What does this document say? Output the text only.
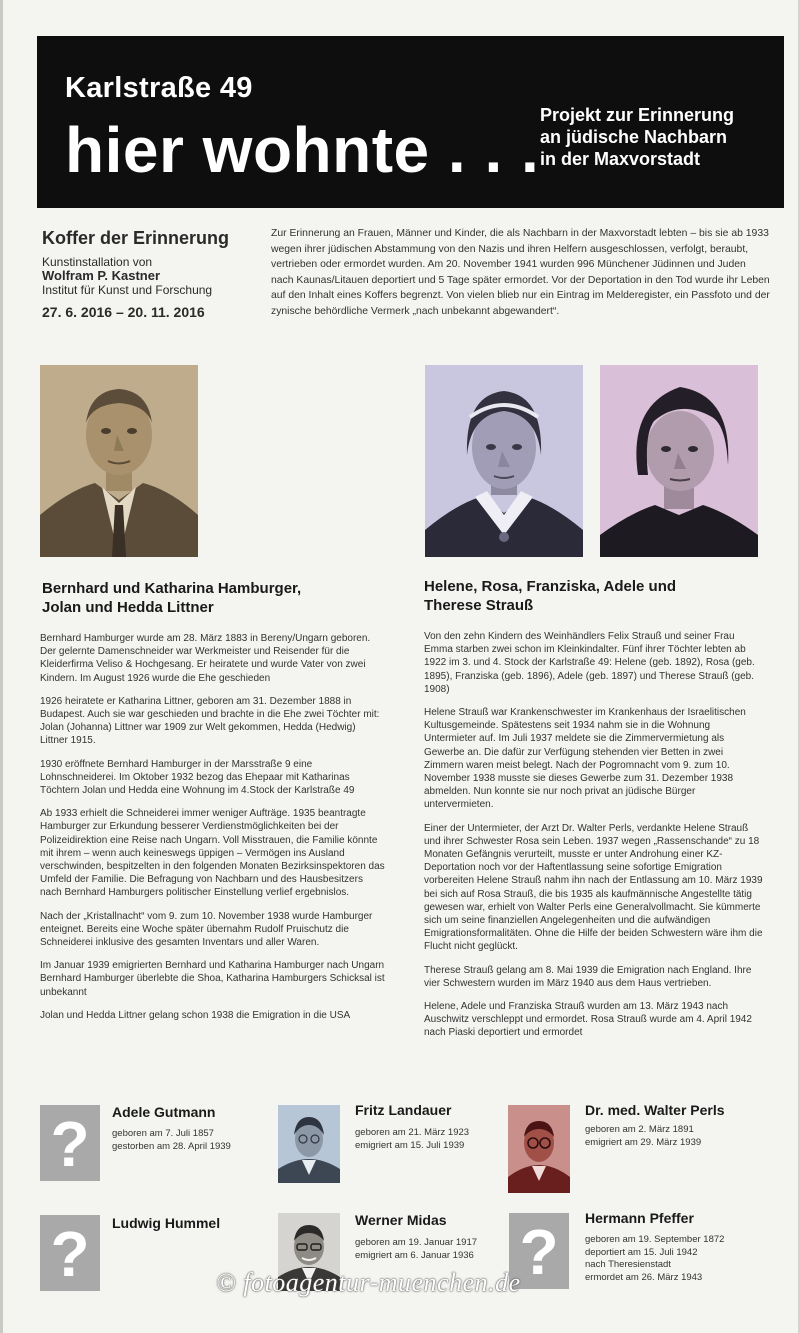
Karlstraße 49
hier wohnte . . . Projekt zur Erinnerung
an jüdische Nachbarn
in der Maxvorstadt
Koffer der Erinnerung
Kunstinstallation von
Wolfram P. Kastner
Institut für Kunst und Forschung
27. 6. 2016 – 20. 11. 2016
Zur Erinnerung an Frauen, Männer und Kinder, die als Nachbarn in der Maxvorstadt lebten – bis sie ab 1933 wegen ihrer jüdischen Abstammung von den Nazis und ihren Helfern ausgeschlossen, verfolgt, beraubt, vertrieben oder ermordet wurden. Am 20. November 1941 wurden 996 Münchener Jüdinnen und Juden nach Kaunas/Litauen deportiert und 5 Tage später ermordet. Vor der Deportation in den Tod wurde ihr Leben auf den Inhalt eines Koffers begrenzt. Von vielen blieb nur ein Eintrag im Melderegister, ein Passfoto und der zynische behördliche Vermerk „nach unbekannt abgewandert“.
Bernhard und Katharina Hamburger,
Jolan und Hedda Littner
Helene, Rosa, Franziska, Adele und
Therese Strauß

Bernhard Hamburger wurde am 28. März 1883 in Bereny/Ungarn geboren. Der gelernte Damenschneider war Werkmeister und Reisender für die Kleiderfirma Veliso & Hochgesang. Er heiratete und wurde Vater von zwei Kindern. Im August 1926 wurde die Ehe geschieden

1926 heiratete er Katharina Littner, geboren am 31. Dezember 1888 in Budapest. Auch sie war geschieden und brachte in die Ehe zwei Töchter mit: Jolan (Johanna) Littner war 1909 zur Welt gekommen, Hedda (Hedwig) Littner 1915.

1930 eröffnete Bernhard Hamburger in der Marsstraße 9 eine Lohnschneiderei. Im Oktober 1932 bezog das Ehepaar mit Katharinas Töchtern Jolan und Hedda eine Wohnung im 4.Stock der Karlstraße 49

Ab 1933 erhielt die Schneiderei immer weniger Aufträge. 1935 beantragte Hamburger zur Erkundung besserer Verdienstmöglichkeiten bei der Polizeidirektion eine Reise nach Ungarn. Voll Misstrauen, die Familie könnte mit ihrem – wenn auch keineswegs üppigen – Vermögen ins Ausland verschwinden, bespitzelten in den folgenden Monaten Bezirksinspektoren das Umfeld der Familie. Die Befragung von Nachbarn und des Hausbesitzers nach Bernhard Hamburgers politischer Einstellung verlief ergebnislos.

Nach der „Kristallnacht“ vom 9. zum 10. November 1938 wurde Hamburger enteignet. Bereits eine Woche später übernahm Rudolf Pruischutz die Schneiderei inklusive des gesamten Inventars und aller Waren.

Im Januar 1939 emigrierten Bernhard und Katharina Hamburger nach Ungarn Bernhard Hamburger überlebte die Shoa, Katharina Hamburgers Schicksal ist unbekannt

Jolan und Hedda Littner gelang schon 1938 die Emigration in die USA

Von den zehn Kindern des Weinhändlers Felix Strauß und seiner Frau Emma starben zwei schon im Kleinkindalter. Fünf ihrer Töchter lebten ab 1922 im 3. und 4. Stock der Karlstraße 49: Helene (geb. 1892), Rosa (geb. 1895), Franziska (geb. 1896), Adele (geb. 1897) und Therese Strauß (geb. 1908)

Helene Strauß war Krankenschwester im Krankenhaus der Israelitischen Kultusgemeinde. Spätestens seit 1934 nahm sie in die Wohnung Untermieter auf. Im Juli 1937 meldete sie die Zimmervermietung als Gewerbe an. Die dafür zur Verfügung stehenden vier Betten in zwei Zimmern waren meist belegt. Nach der Pogromnacht vom 9. zum 10. November 1938 musste sie dieses Gewerbe zum 31. Dezember 1938 abmelden. Nun konnte sie nur noch privat an jüdische Bürger untervermieten.

Einer der Untermieter, der Arzt Dr. Walter Perls, verdankte Helene Strauß und ihrer Schwester Rosa sein Leben. 1937 wegen „Rassenschande“ zu 18 Monaten Gefängnis verurteilt, musste er unter Androhung einer KZ-Deportation noch vor der Haftentlassung seine sofortige Emigration vorbereiten Helene Strauß nahm ihn nach der Entlassung am 10. März 1939 bei sich auf Rosa Strauß, die bis 1935 als kaufmännische Angestellte tätig gewesen war, erhielt von Walter Perls eine Generalvollmacht. Sie kümmerte sich um seine finanziellen Angelegenheiten und die aufwändigen Emigrationsformalitäten. Ohne die Hilfe der beiden Schwestern wäre ihm die Flucht nicht geglückt.

Therese Strauß gelang am 8. Mai 1939 die Emigration nach England. Ihre vier Schwestern wurden im März 1940 aus dem Haus vertrieben.

Helene, Adele und Franziska Strauß wurden am 13. März 1943 nach Auschwitz verschleppt und ermordet. Rosa Strauß wurde am 4. April 1942 nach Piaski deportiert und ermordet

?	Adele Gutmann
geboren am 7. Juli 1857
gestorben am 28. April 1939
Fritz Landauer
geboren am 21. März 1923
emigriert am 15. Juli 1939
Dr. med. Walter Perls
geboren am 2. März 1891
emigriert am 29. März 1939
?	Ludwig Hummel	Werner Midas
geboren am 19. Januar 1917
emigriert am 6. Januar 1936 ?	Hermann Pfeffer
geboren am 19. September 1872
deportiert am 15. Juli 1942
nach Theresienstadt
ermordet am 26. März 1943
© fotoagentur-muenchen.de
